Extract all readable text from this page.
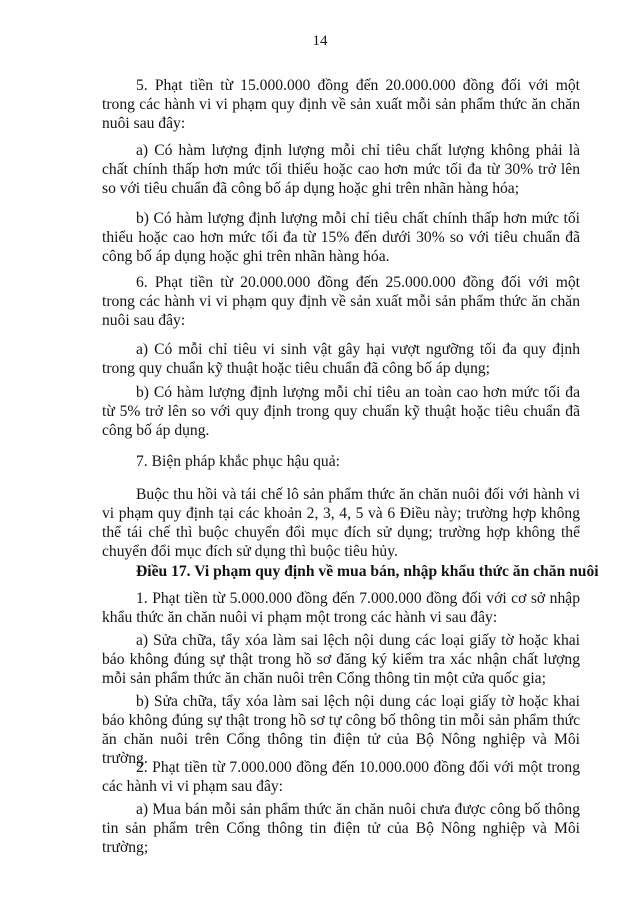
14

5. Phạt tiền từ 15.000.000 đồng đến 20.000.000 đồng đối với một trong các hành vi vi phạm quy định về sản xuất mỗi sản phẩm thức ăn chăn nuôi sau đây:

a) Có hàm lượng định lượng mỗi chỉ tiêu chất lượng không phải là chất chính thấp hơn mức tối thiểu hoặc cao hơn mức tối đa từ 30% trở lên so với tiêu chuẩn đã công bố áp dụng hoặc ghi trên nhãn hàng hóa;

b) Có hàm lượng định lượng mỗi chỉ tiêu chất chính thấp hơn mức tối thiểu hoặc cao hơn mức tối đa từ 15% đến dưới 30% so với tiêu chuẩn đã công bố áp dụng hoặc ghi trên nhãn hàng hóa.

6. Phạt tiền từ 20.000.000 đồng đến 25.000.000 đồng đối với một trong các hành vi vi phạm quy định về sản xuất mỗi sản phẩm thức ăn chăn nuôi sau đây:

a) Có mỗi chỉ tiêu vi sinh vật gây hại vượt ngưỡng tối đa quy định trong quy chuẩn kỹ thuật hoặc tiêu chuẩn đã công bố áp dụng;

b) Có hàm lượng định lượng mỗi chỉ tiêu an toàn cao hơn mức tối đa từ 5% trở lên so với quy định trong quy chuẩn kỹ thuật hoặc tiêu chuẩn đã công bố áp dụng.

7. Biện pháp khắc phục hậu quả:

Buộc thu hồi và tái chế lô sản phẩm thức ăn chăn nuôi đối với hành vi vi phạm quy định tại các khoản 2, 3, 4, 5 và 6 Điều này; trường hợp không thể tái chế thì buộc chuyển đổi mục đích sử dụng; trường hợp không thể chuyển đổi mục đích sử dụng thì buộc tiêu hủy.

Điều 17. Vi phạm quy định về mua bán, nhập khẩu thức ăn chăn nuôi

1. Phạt tiền từ 5.000.000 đồng đến 7.000.000 đồng đối với cơ sở nhập khẩu thức ăn chăn nuôi vi phạm một trong các hành vi sau đây:

a) Sửa chữa, tẩy xóa làm sai lệch nội dung các loại giấy tờ hoặc khai báo không đúng sự thật trong hồ sơ đăng ký kiểm tra xác nhận chất lượng mỗi sản phẩm thức ăn chăn nuôi trên Cổng thông tin một cửa quốc gia;

b) Sửa chữa, tẩy xóa làm sai lệch nội dung các loại giấy tờ hoặc khai báo không đúng sự thật trong hồ sơ tự công bố thông tin mỗi sản phẩm thức ăn chăn nuôi trên Cổng thông tin điện tử của Bộ Nông nghiệp và Môi trường.

2. Phạt tiền từ 7.000.000 đồng đến 10.000.000 đồng đối với một trong các hành vi vi phạm sau đây:

a) Mua bán mỗi sản phẩm thức ăn chăn nuôi chưa được công bố thông tin sản phẩm trên Cổng thông tin điện tử của Bộ Nông nghiệp và Môi trường;
